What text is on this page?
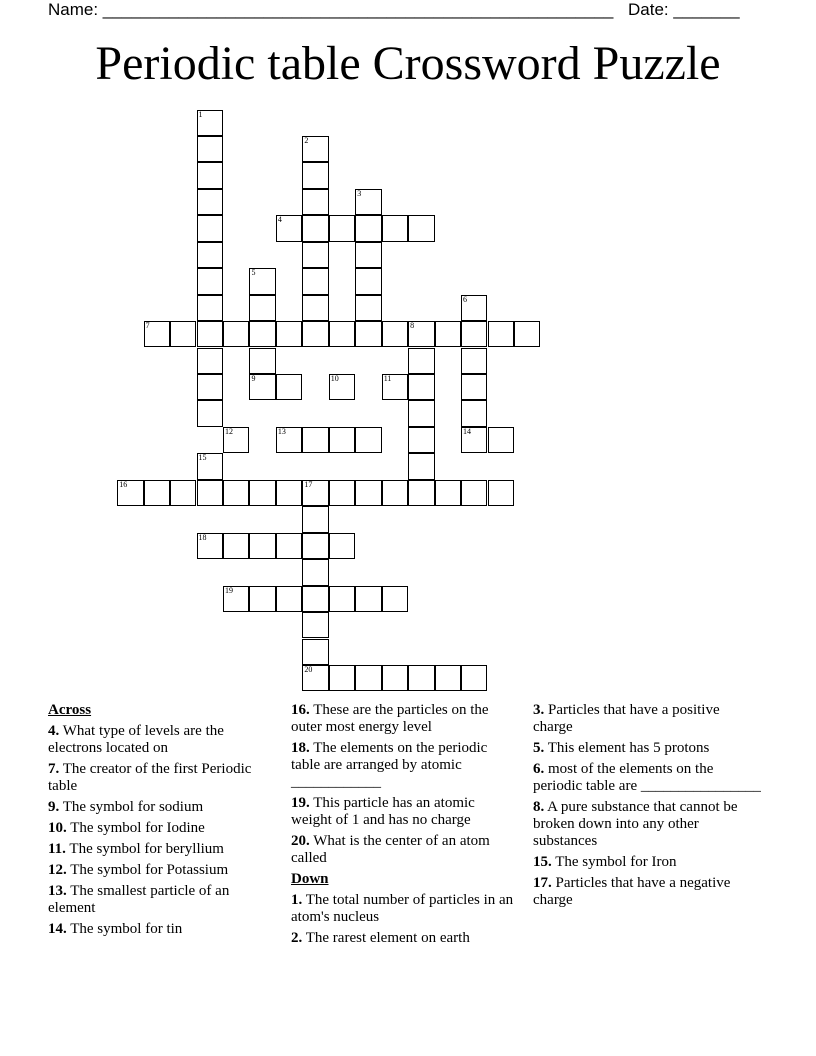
Name: ______________________________________________________ Date: _______
Periodic table Crossword Puzzle
1
2
3
4
5
9
6
14
7	8
10	11
12	13
15
16	17
20
18
19
Across
4. What type of levels are the electrons located on
7. The creator of the first Periodic table
9. The symbol for sodium
10. The symbol for Iodine
11. The symbol for beryllium
12. The symbol for Potassium
13. The smallest particle of an element
14. The symbol for tin
16. These are the particles on the outer most energy level
18. The elements on the periodic table are arranged by atomic ____________
19. This particle has an atomic weight of 1 and has no charge
20. What is the center of an atom called
Down
1. The total number of particles in an atom's nucleus
2. The rarest element on earth
3. Particles that have a positive charge
5. This element has 5 protons
6. most of the elements on the periodic table are ________________
8. A pure substance that cannot be broken down into any other substances
15. The symbol for Iron
17. Particles that have a negative charge
